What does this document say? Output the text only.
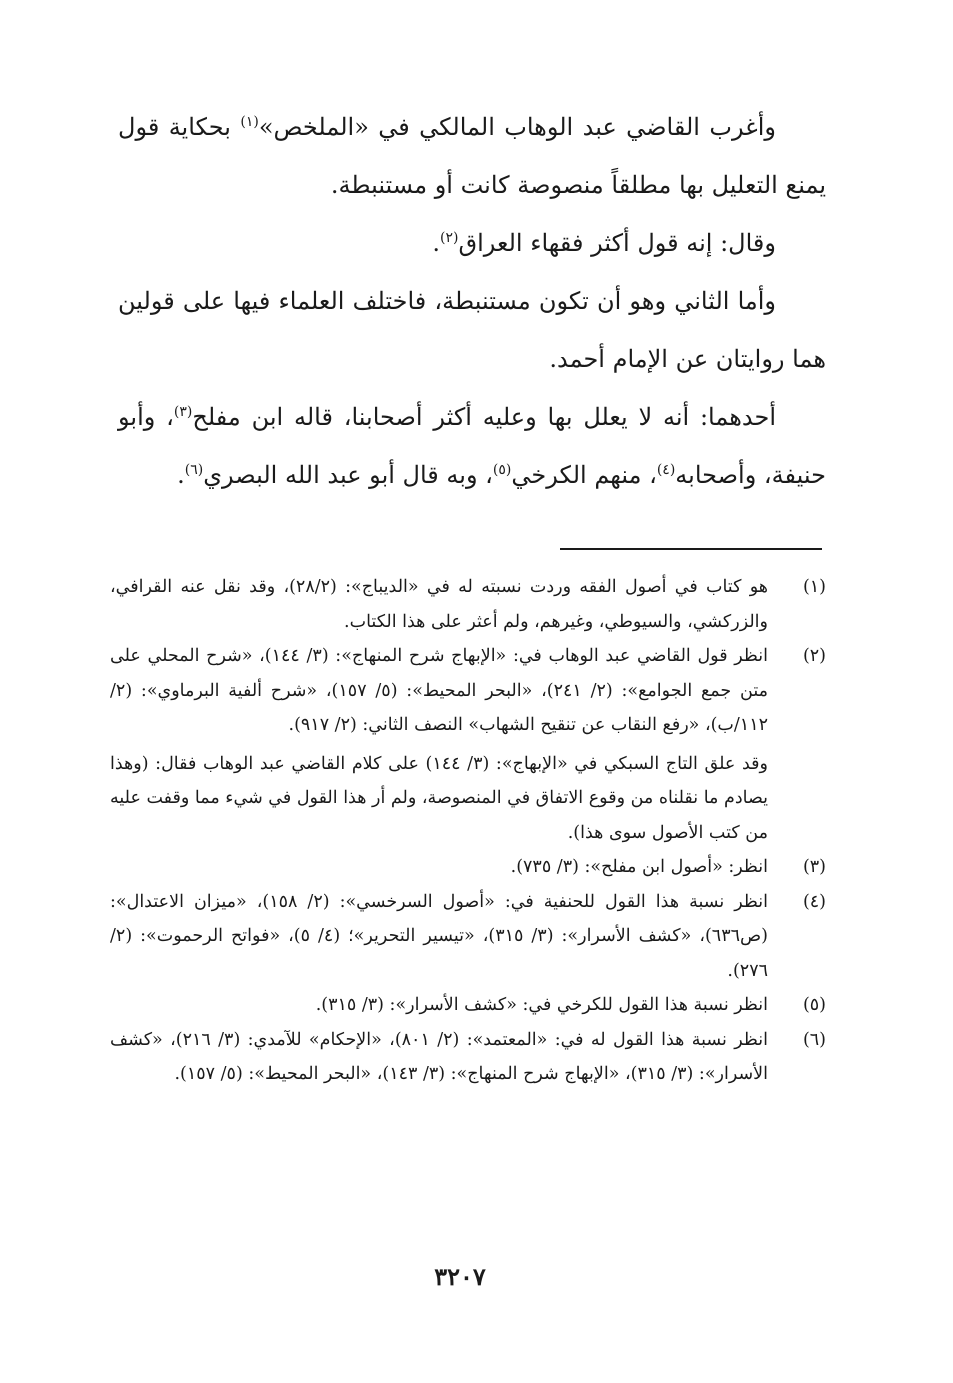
وأغرب القاضي عبد الوهاب المالكي في «الملخص»$^{(١)}$ بحكاية قول يمنع التعليل بها مطلقاً منصوصة كانت أو مستنبطة.

وقال: إنه قول أكثر فقهاء العراق$^{(٢)}$.

وأما الثاني وهو أن تكون مستنبطة، فاختلف العلماء فيها على قولين هما روايتان عن الإمام أحمد.

أحدهما: أنه لا يعلل بها وعليه أكثر أصحابنا، قاله ابن مفلح$^{(٣)}$، وأبو حنيفة، وأصحابه$^{(٤)}$، منهم الكرخي$^{(٥)}$، وبه قال أبو عبد الله البصري$^{(٦)}$.

(١)
هو كتاب في أصول الفقه وردت نسبته له في «الديباج»: (٢٨/٢)، وقد نقل عنه القرافي، والزركشي، والسيوطي، وغيرهم، ولم أعثر على هذا الكتاب.
(٢)
انظر قول القاضي عبد الوهاب في: «الإبهاج شرح المنهاج»: (٣/ ١٤٤)، «شرح المحلي على متن جمع الجوامع»: (٢/ ٢٤١)، «البحر المحيط»: (٥/ ١٥٧)، «شرح ألفية البرماوي»: (٢/ ١١٢/ب)، «رفع النقاب عن تنقيح الشهاب» النصف الثاني: (٢/ ٩١٧).
وقد علق التاج السبكي في «الإبهاج»: (٣/ ١٤٤) على كلام القاضي عبد الوهاب فقال: (وهذا يصادم ما نقلناه من وقوع الاتفاق في المنصوصة، ولم أر هذا القول في شيء مما وقفت عليه من كتب الأصول سوى هذا).
(٣)
انظر: «أصول ابن مفلح»: (٣/ ٧٣٥).
(٤)
انظر نسبة هذا القول للحنفية في: «أصول السرخسي»: (٢/ ١٥٨)، «ميزان الاعتدال»: (ص٦٣٦)، «كشف الأسرار»: (٣/ ٣١٥)، «تيسير التحرير»؛ (٤/ ٥)، «فواتح الرحموت»: (٢/ ٢٧٦).
(٥)
انظر نسبة هذا القول للكرخي في: «كشف الأسرار»: (٣/ ٣١٥).
(٦)
انظر نسبة هذا القول له في: «المعتمد»: (٢/ ٨٠١)، «الإحكام» للآمدي: (٣/ ٢١٦)، «كشف الأسرار»: (٣/ ٣١٥)، «الإبهاج شرح المنهاج»: (٣/ ١٤٣)، «البحر المحيط»: (٥/ ١٥٧).
٣٢٠٧
